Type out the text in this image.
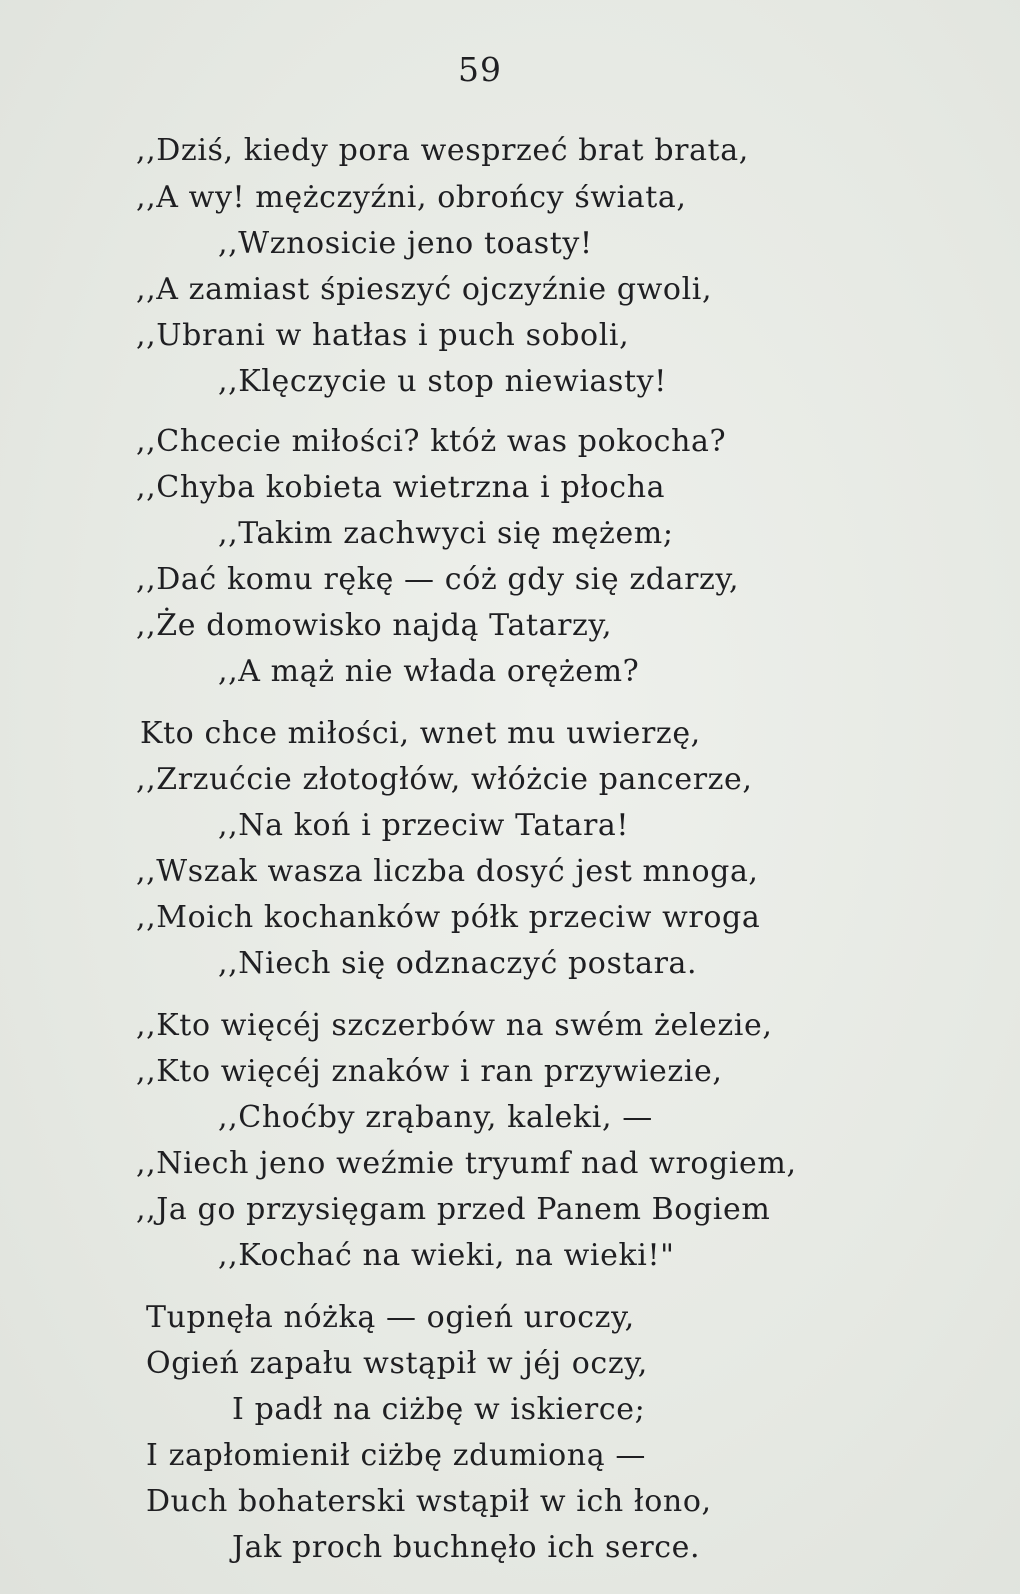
59
,,Dziś, kiedy pora wesprzeć brat brata,
,,A wy! mężczyźni, obrońcy świata,
,,Wznosicie jeno toasty!
,,A zamiast śpieszyć ojczyźnie gwoli,
,,Ubrani w hatłas i puch soboli,
,,Klęczycie u stop niewiasty!
,,Chcecie miłości? któż was pokocha?
,,Chyba kobieta wietrzna i płocha
,,Takim zachwyci się mężem;
,,Dać komu rękę — cóż gdy się zdarzy,
,,Że domowisko najdą Tatarzy,
,,A mąż nie włada orężem?
Kto chce miłości, wnet mu uwierzę,
,,Zrzućcie złotogłów, włóżcie pancerze,
,,Na koń i przeciw Tatara!
,,Wszak wasza liczba dosyć jest mnoga,
,,Moich kochanków półk przeciw wroga
,,Niech się odznaczyć postara.
,,Kto więcéj szczerbów na swém żelezie,
,,Kto więcéj znaków i ran przywiezie,
,,Choćby zrąbany, kaleki, —
,,Niech jeno weźmie tryumf nad wrogiem,
,,Ja go przysięgam przed Panem Bogiem
,,Kochać na wieki, na wieki!"
Tupnęła nóżką — ogień uroczy,
Ogień zapału wstąpił w jéj oczy,
I padł na ciżbę w iskierce;
I zapłomienił ciżbę zdumioną —
Duch bohaterski wstąpił w ich łono,
Jak proch buchnęło ich serce.
